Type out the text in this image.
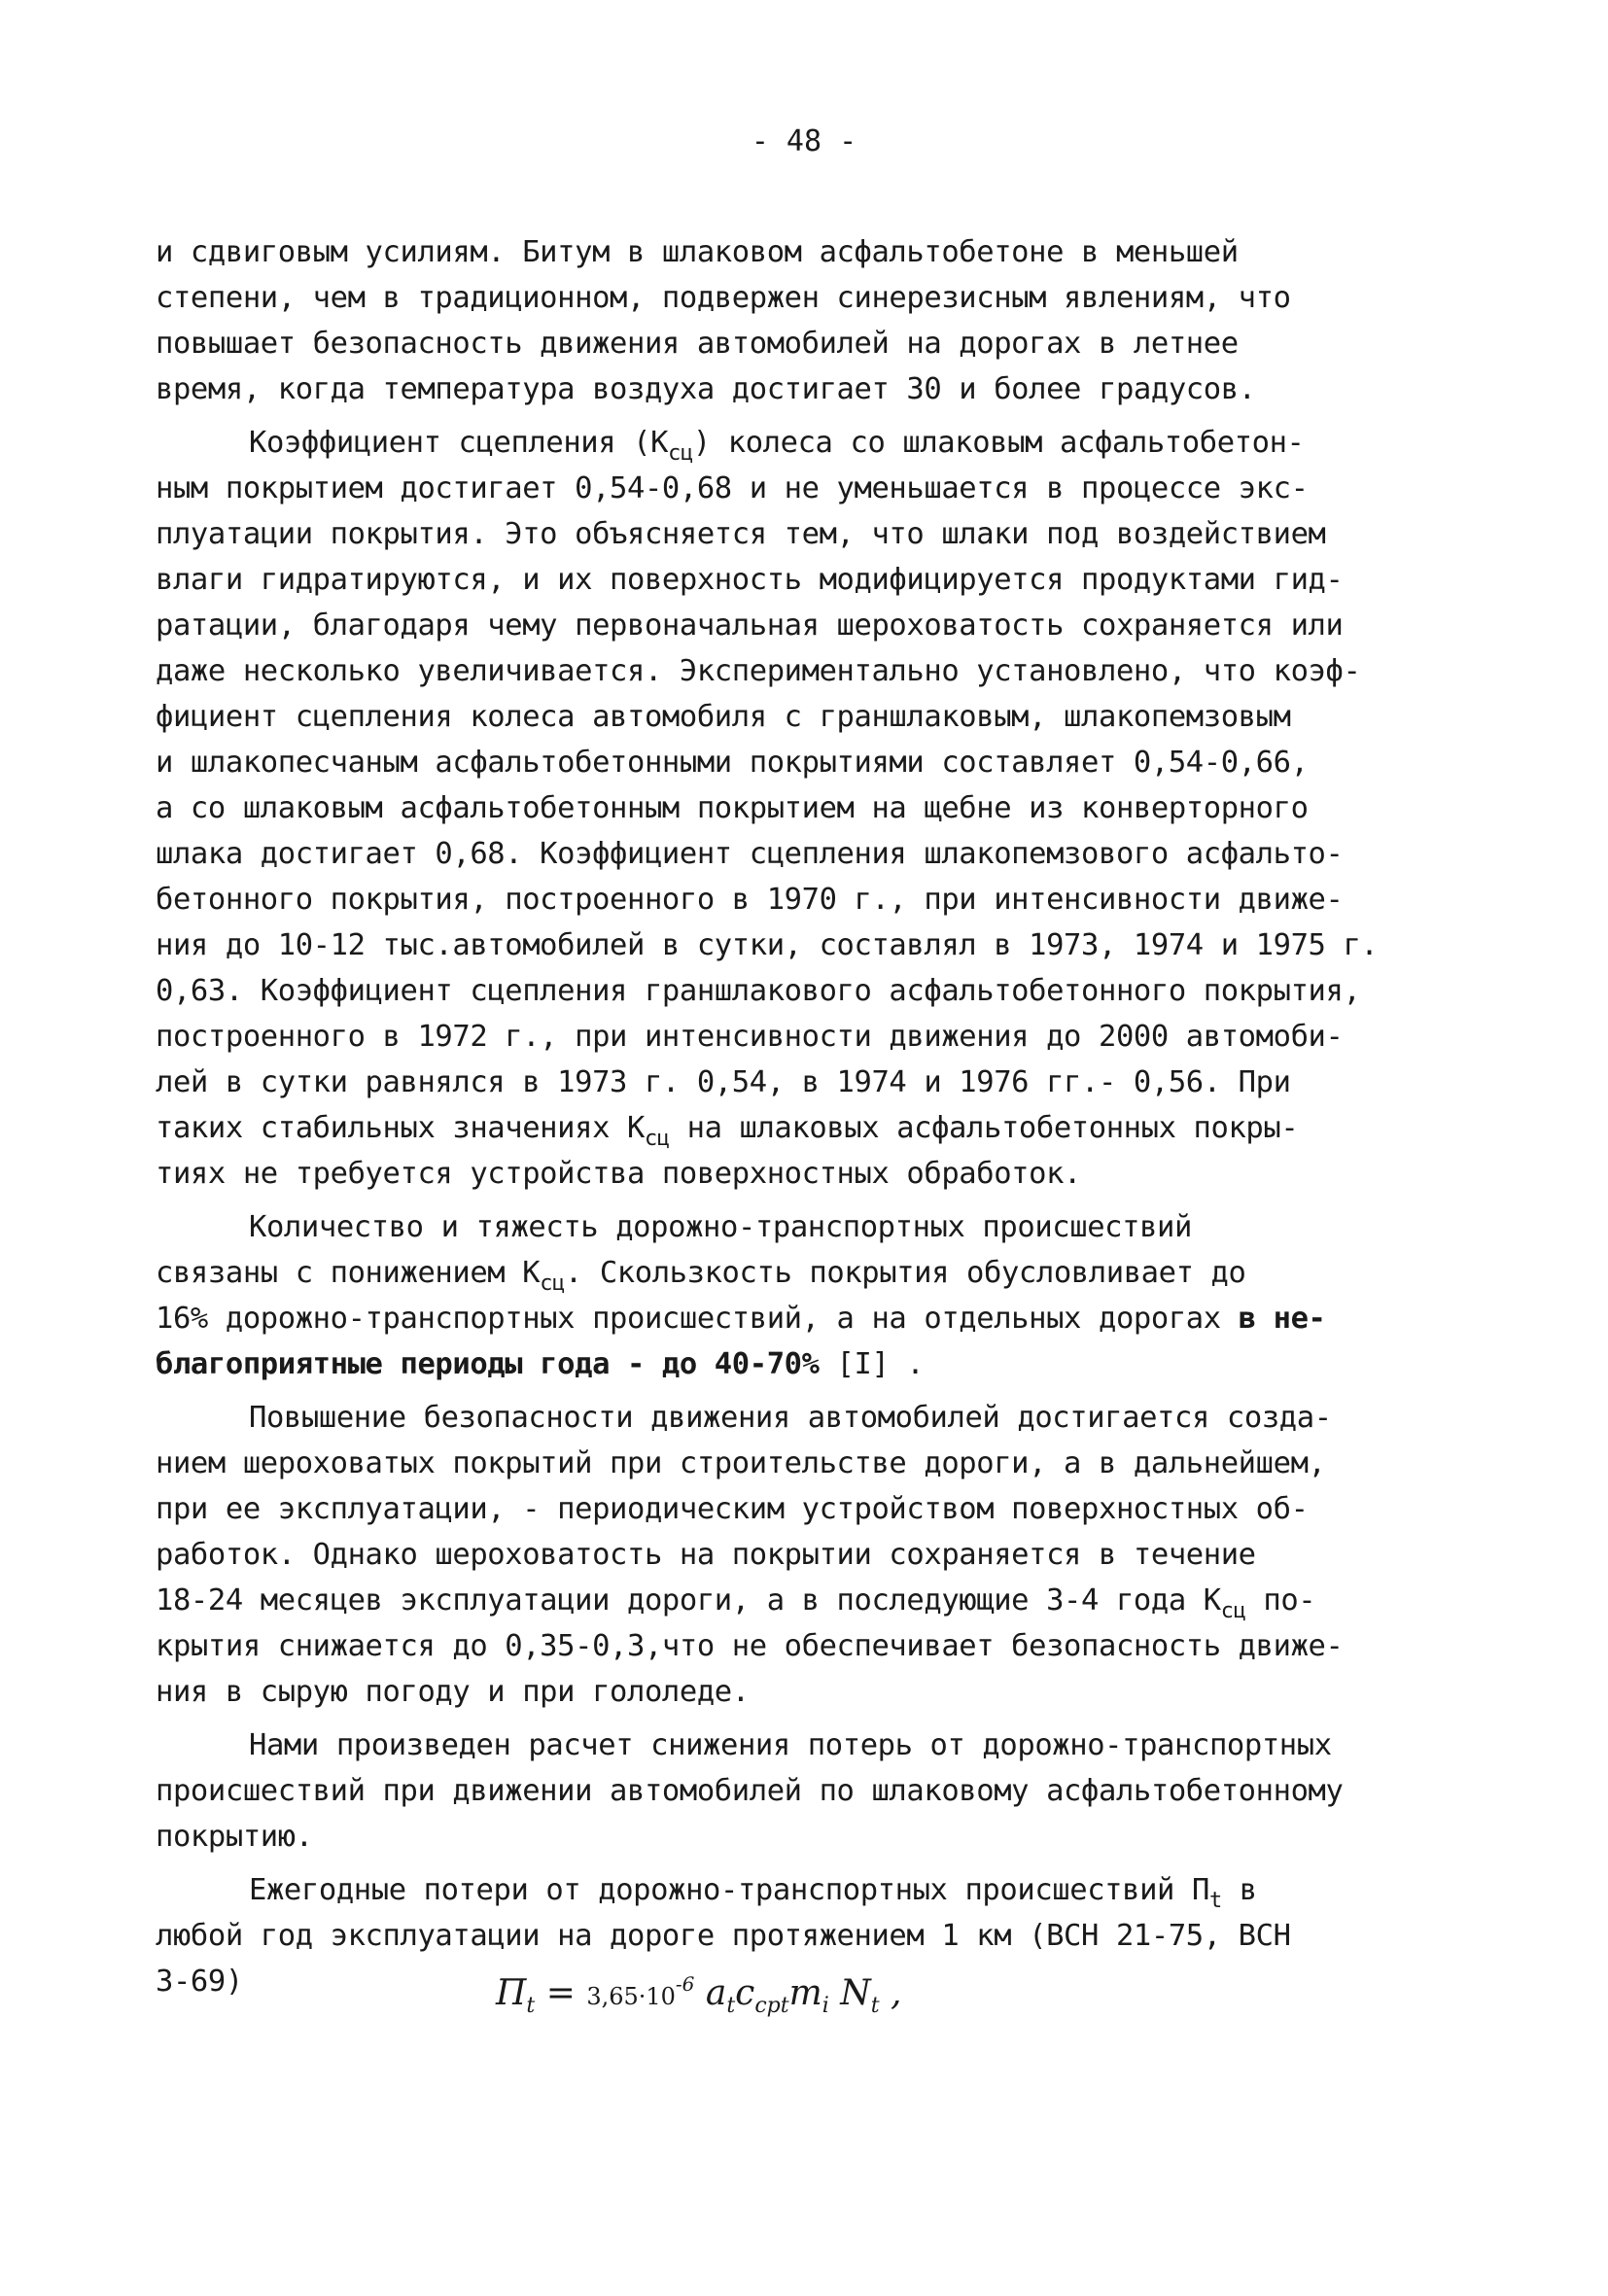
- 48 -
и сдвиговым усилиям. Битум в шлаковом асфальтобетоне в меньшей
степени, чем в традиционном, подвержен синерезисным явлениям, что
повышает безопасность движения автомобилей на дорогах в летнее
время, когда температура воздуха достигает 30 и более градусов.
Коэффициент сцепления $(К_{сц})$ колеса со шлаковым асфальтобетон-
ным покрытием достигает 0,54-0,68 и не уменьшается в процессе экс-
плуатации покрытия. Это объясняется тем, что шлаки под воздействием
влаги гидратируются, и их поверхность модифицируется продуктами гид-
ратации, благодаря чему первоначальная шероховатость сохраняется или
даже несколько увеличивается. Экспериментально установлено, что коэф-
фициент сцепления колеса автомобиля с граншлаковым, шлакопемзовым
и шлакопесчаным асфальтобетонными покрытиями составляет 0,54-0,66,
а со шлаковым асфальтобетонным покрытием на щебне из конверторного
шлака достигает 0,68. Коэффициент сцепления шлакопемзового асфальто-
бетонного покрытия, построенного в 1970 г., при интенсивности движе-
ния до 10-12 тыс.автомобилей в сутки, составлял в 1973, 1974 и 1975 г.
0,63. Коэффициент сцепления граншлакового асфальтобетонного покрытия,
построенного в 1972 г., при интенсивности движения до 2000 автомоби-
лей в сутки равнялся в 1973 г. 0,54, в 1974 и 1976 гг.- 0,56. При
таких стабильных значениях $К_{сц}$ на шлаковых асфальтобетонных покры-
тиях не требуется устройства поверхностных обработок.
Количество и тяжесть дорожно-транспортных происшествий
связаны с понижением $К_{сц}$. Скользкость покрытия обусловливает до
16% дорожно-транспортных происшествий, а на отдельных дорогах в не-
благоприятные периоды года - до 40-70% [I] .
Повышение безопасности движения автомобилей достигается созда-
нием шероховатых покрытий при строительстве дороги, а в дальнейшем,
при ее эксплуатации, - периодическим устройством поверхностных об-
работок. Однако шероховатость на покрытии сохраняется в течение
18-24 месяцев эксплуатации дороги, а в последующие 3-4 года $К_{сц}$ по-
крытия снижается до 0,35-0,3,что не обеспечивает безопасность движе-
ния в сырую погоду и при гололеде.
Нами произведен расчет снижения потерь от дорожно-транспортных
происшествий при движении автомобилей по шлаковому асфальтобетонному
покрытию.
Ежегодные потери от дорожно-транспортных происшествий $П_t$ в
любой год эксплуатации на дороге протяжением 1 км (ВСН 21-75, ВСН
3-69)	$П_t = 3,65\cdot 10^{-6}$ $a_tc_{срt}m_i$ $N_t$ ,
